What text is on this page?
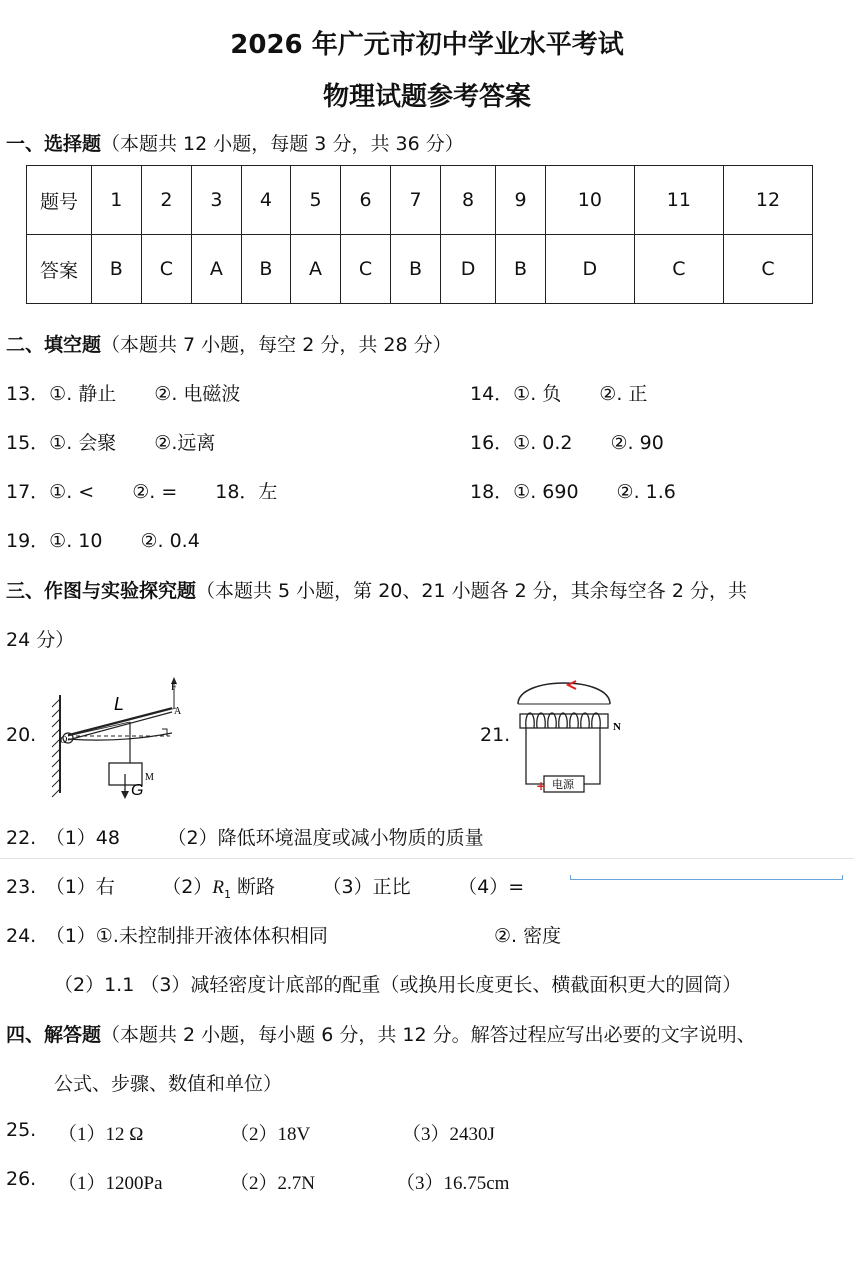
2026 年广元市初中学业水平考试
物理试题参考答案
一、选择题（本题共 12 小题，每题 3 分，共 36 分）
题号	1	2	3	4	5	6	7	8	9	10	11	12
答案	B	C	A	B	A	C	B	D	B	D	C	C
二、填空题（本题共 7 小题，每空 2 分，共 28 分）
13．①. 静止　　②. 电磁波	14．①. 负　　②. 正
15．①. 会聚　　②.远离	16．①. 0.2　　②. 90
17．①. <　　②. =　　18．左	18．①. 690　　②. 1.6
19．①. 10　　②. 0.4
三、作图与实验探究题（本题共 5 小题，第 20、21 小题各 2 分，其余每空各 2 分，共
24 分）
20.
L
F
A
O
M
G
21.	N
电源
+
22.　（1）48　　　（2）降低环境温度或减小物质的质量
23.　（1）右　　　$(2)R_1$ 断路　　　（3）正比　　　（4）=
24.　（1）①.未控制排开液体体积相同	②. 密度
（2）1.1 （3）减轻密度计底部的配重（或换用长度更长、横截面积更大的圆筒）
四、解答题（本题共 2 小题，每小题 6 分，共 12 分。解答过程应写出必要的文字说明、
公式、步骤、数值和单位）
25. （1）12 Ω	（2）18V	（3）2430J
26. （1）1200Pa	（2）2.7N	（3）16.75cm
